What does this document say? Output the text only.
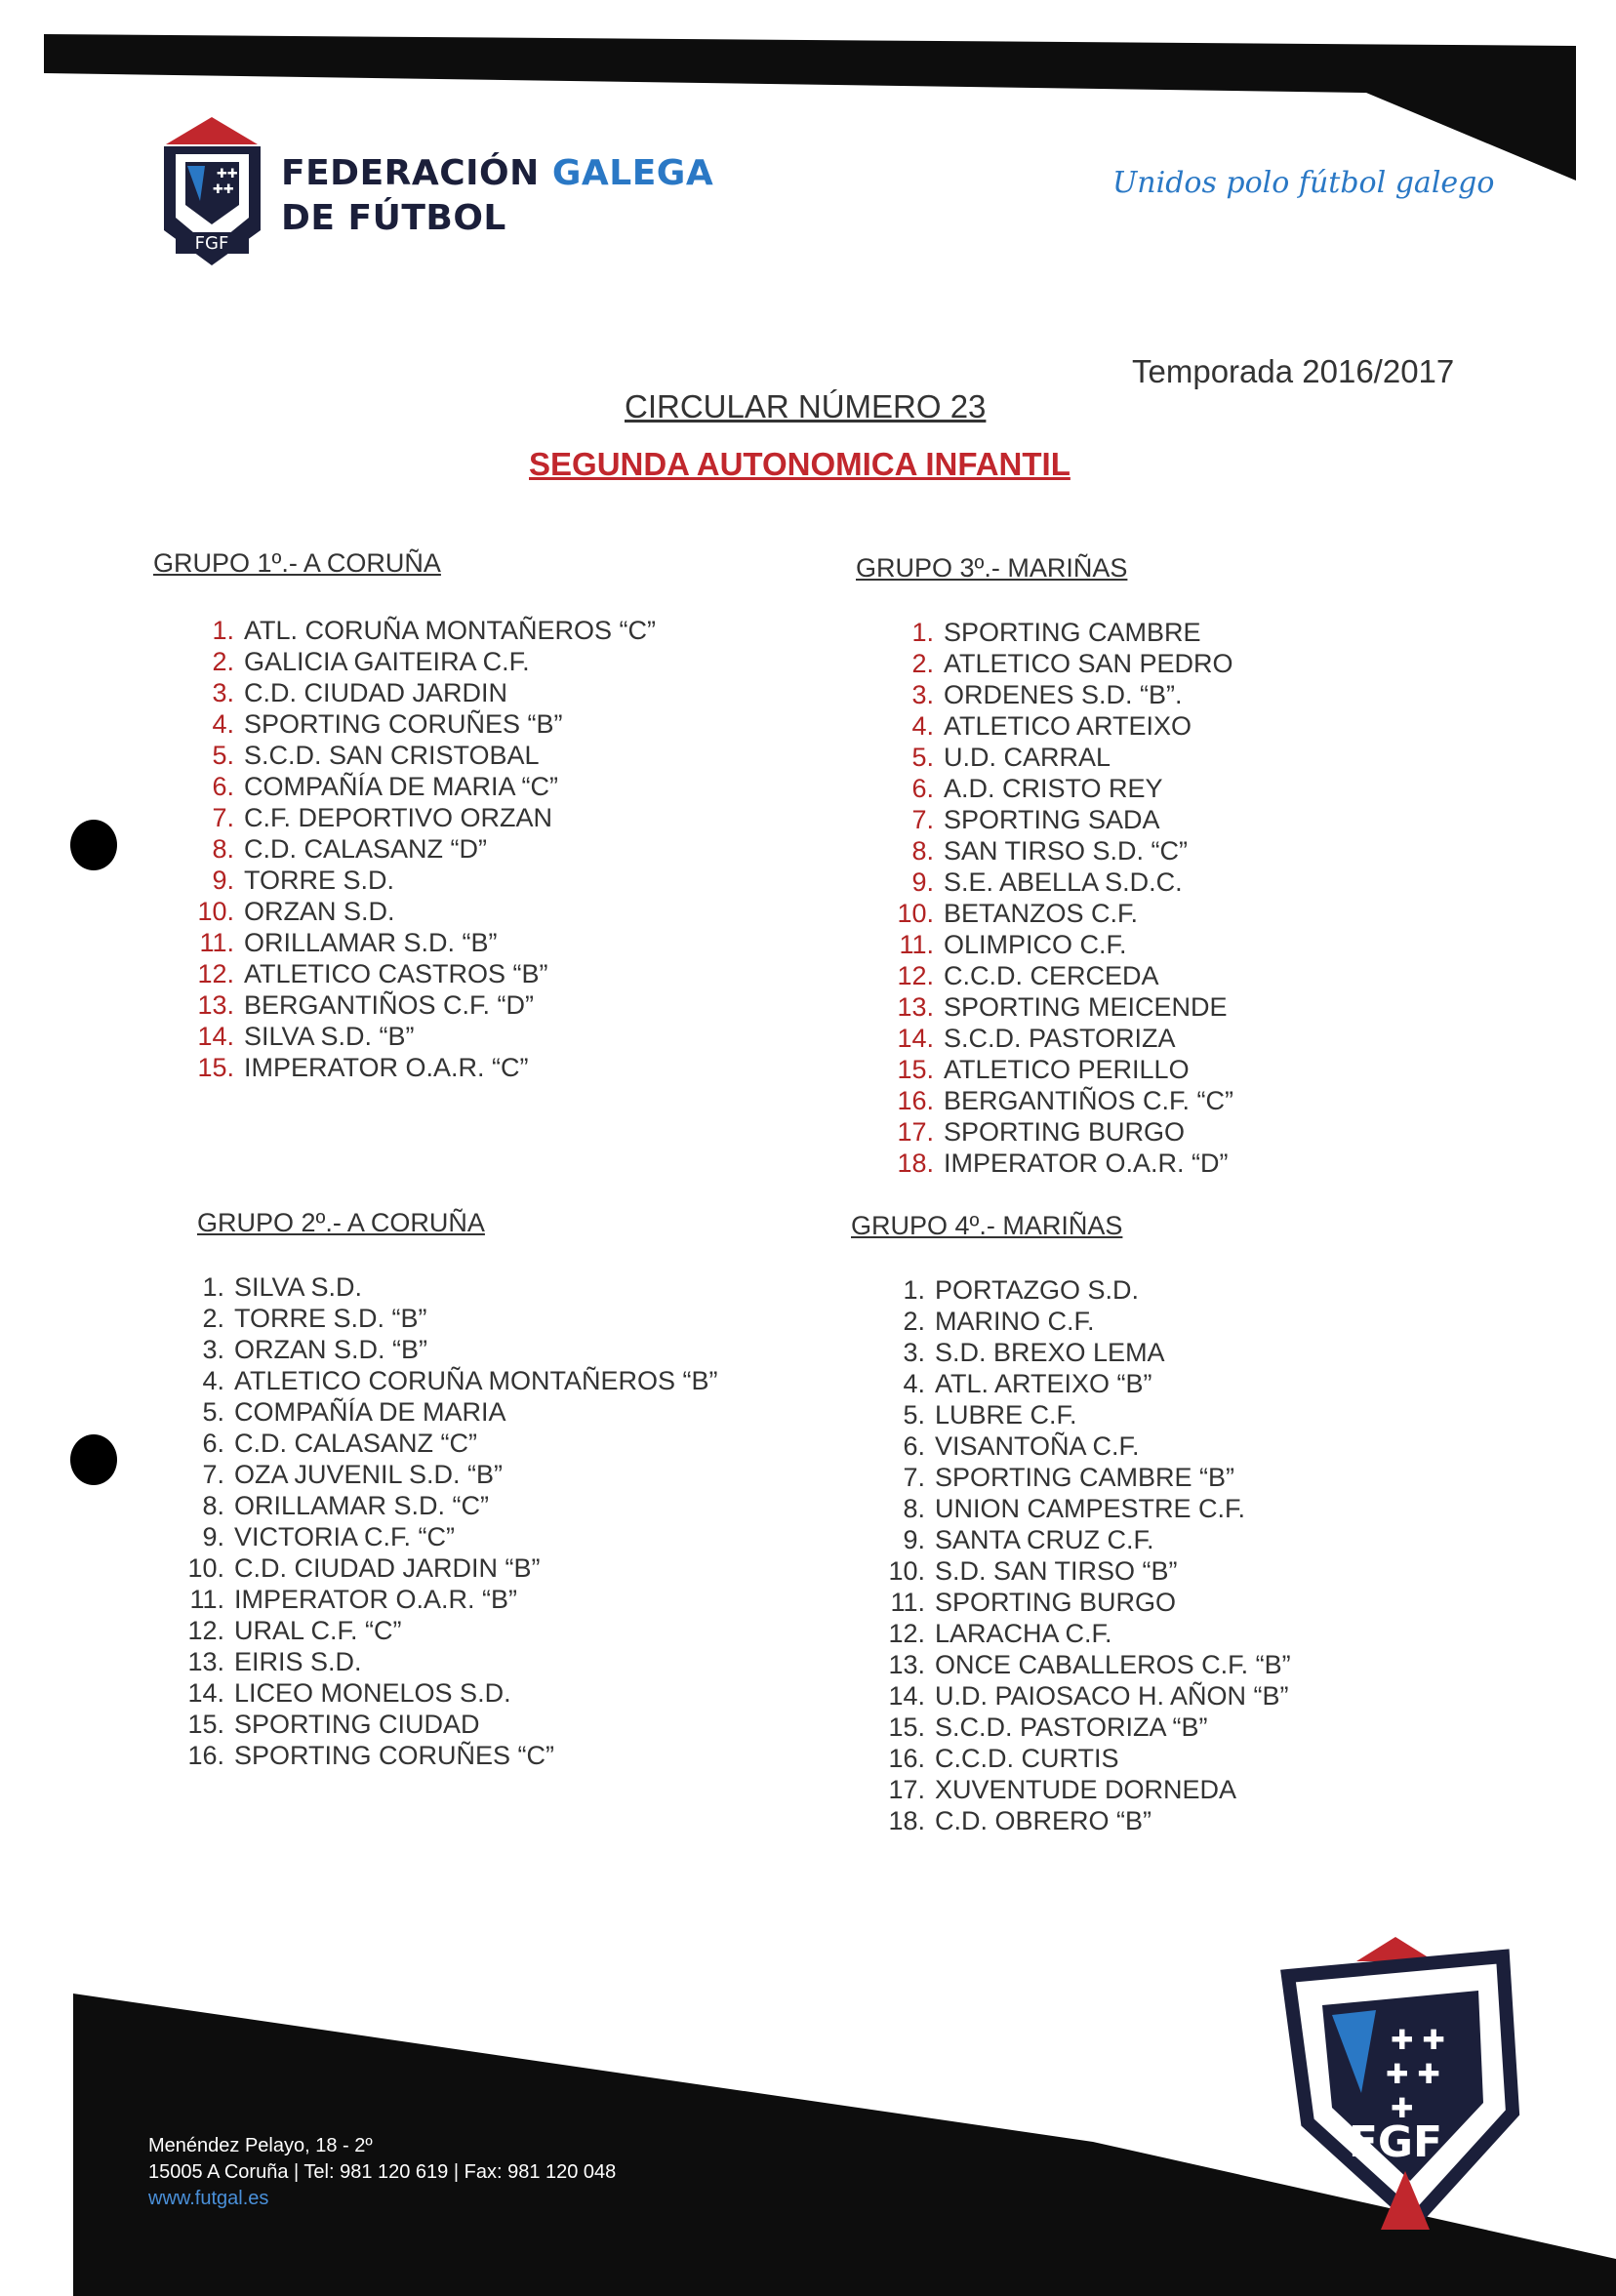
✚✚
✚✚
FGF
FEDERACIÓN GALEGA
DE FÚTBOL
Unidos polo fútbol galego
Temporada 2016/2017
CIRCULAR NÚMERO 23
SEGUNDA AUTONOMICA INFANTIL
GRUPO 1º.- A CORUÑA
1. ATL. CORUÑA MONTAÑEROS “C”
2. GALICIA GAITEIRA C.F.
3. C.D. CIUDAD JARDIN
4. SPORTING CORUÑES “B”
5. S.C.D. SAN CRISTOBAL
6. COMPAÑÍA DE MARIA “C”
7. C.F. DEPORTIVO ORZAN
8. C.D. CALASANZ “D”
9. TORRE S.D.
10. ORZAN S.D.
11. ORILLAMAR S.D. “B”
12. ATLETICO CASTROS “B”
13. BERGANTIÑOS C.F. “D”
14. SILVA S.D. “B”
15. IMPERATOR O.A.R. “C”
GRUPO 3º.- MARIÑAS
1. SPORTING CAMBRE
2. ATLETICO SAN PEDRO
3. ORDENES S.D. “B”.
4. ATLETICO ARTEIXO
5. U.D. CARRAL
6. A.D. CRISTO REY
7. SPORTING SADA
8. SAN TIRSO S.D. “C”
9. S.E. ABELLA S.D.C.
10. BETANZOS C.F.
11. OLIMPICO C.F.
12. C.C.D. CERCEDA
13. SPORTING MEICENDE
14. S.C.D. PASTORIZA
15. ATLETICO PERILLO
16. BERGANTIÑOS C.F. “C”
17. SPORTING BURGO
18. IMPERATOR O.A.R. “D”
GRUPO 2º.- A CORUÑA
1. SILVA S.D.
2. TORRE S.D. “B”
3. ORZAN S.D. “B”
4. ATLETICO CORUÑA MONTAÑEROS “B”
5. COMPAÑÍA DE MARIA
6. C.D. CALASANZ “C”
7. OZA JUVENIL S.D. “B”
8. ORILLAMAR S.D. “C”
9. VICTORIA C.F. “C”
10. C.D. CIUDAD JARDIN “B”
11. IMPERATOR O.A.R. “B”
12. URAL C.F. “C”
13. EIRIS S.D.
14. LICEO MONELOS S.D.
15. SPORTING CIUDAD
16. SPORTING CORUÑES “C”
GRUPO 4º.- MARIÑAS
1. PORTAZGO S.D.
2. MARINO C.F.
3. S.D. BREXO LEMA
4. ATL. ARTEIXO “B”
5. LUBRE C.F.
6. VISANTOÑA C.F.
7. SPORTING CAMBRE “B”
8. UNION CAMPESTRE C.F.
9. SANTA CRUZ C.F.
10. S.D. SAN TIRSO “B”
11. SPORTING BURGO
12. LARACHA C.F.
13. ONCE CABALLEROS C.F. “B”
14. U.D. PAIOSACO H. AÑON “B”
15. S.C.D. PASTORIZA “B”
16. C.C.D. CURTIS
17. XUVENTUDE DORNEDA
18. C.D. OBRERO “B”
Menéndez Pelayo, 18 - 2º
15005 A Coruña | Tel: 981 120 619 | Fax: 981 120 048
www.futgal.es
✚ ✚
✚ ✚
✚
FGF
